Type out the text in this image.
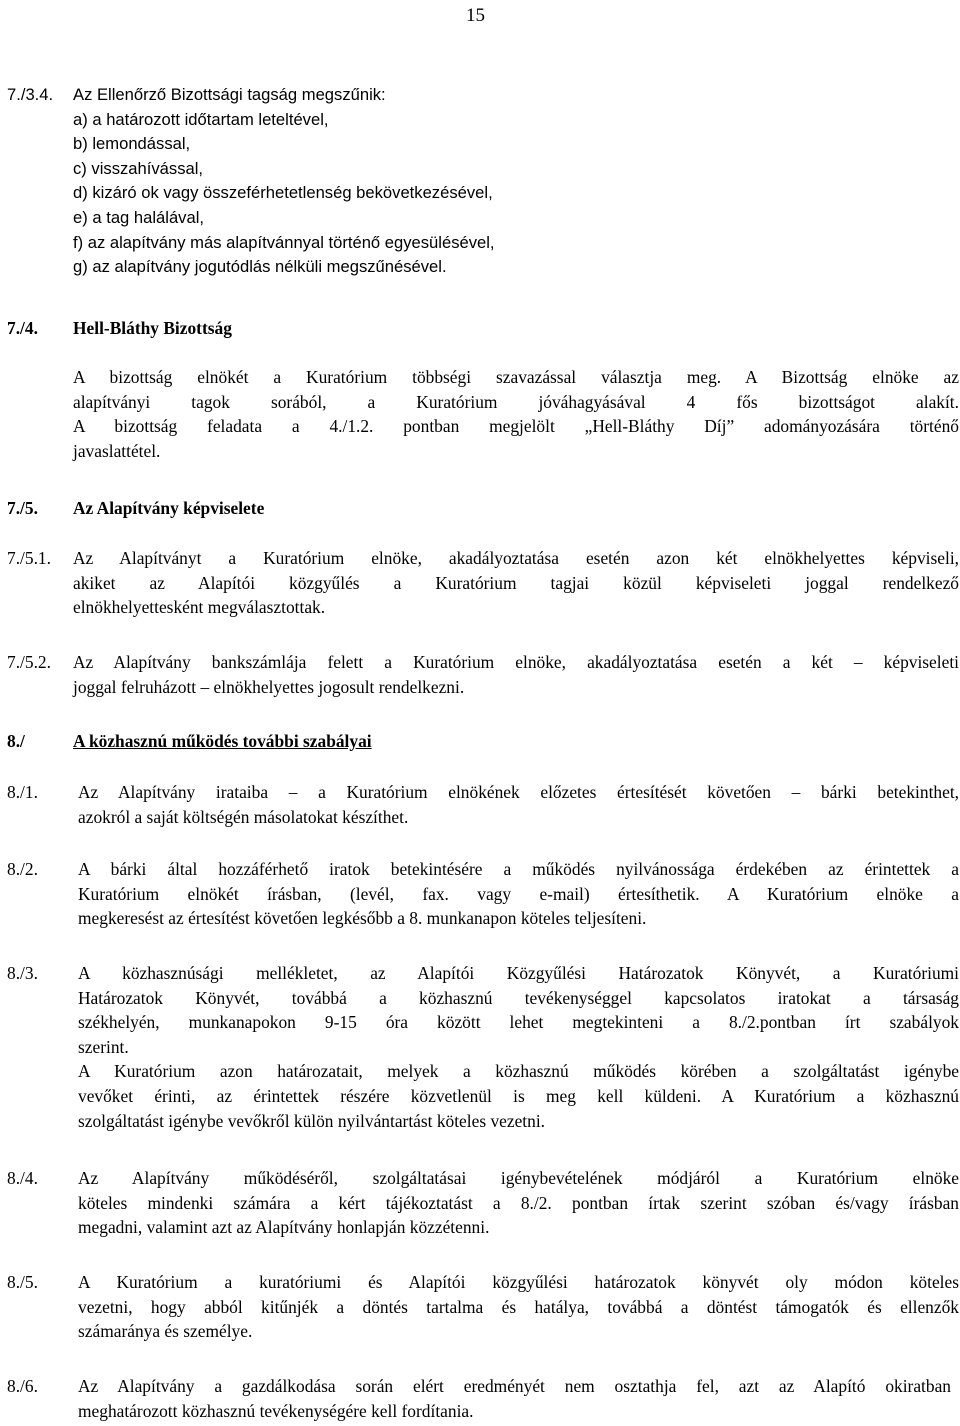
15
7./3.4. Az Ellenőrző Bizottsági tagság megszűnik:
a) a határozott időtartam leteltével,
b) lemondással,
c) visszahívással,
d) kizáró ok vagy összeférhetetlenség bekövetkezésével,
e) a tag halálával,
f) az alapítvány más alapítvánnyal történő egyesülésével,
g) az alapítvány jogutódlás nélküli megszűnésével.
7./4. Hell-Bláthy Bizottság
A bizottság elnökét a Kuratórium többségi szavazással választja meg. A Bizottság elnöke az
alapítványi tagok sorából, a Kuratórium jóváhagyásával 4 fős bizottságot alakít.
A bizottság feladata a 4./1.2. pontban megjelölt „Hell-Bláthy Díj” adományozására történő
javaslattétel.
7./5. Az Alapítvány képviselete
7./5.1. Az Alapítványt a Kuratórium elnöke, akadályoztatása esetén azon két elnökhelyettes képviseli,
akiket az Alapítói közgyűlés a Kuratórium tagjai közül képviseleti joggal rendelkező
elnökhelyettesként megválasztottak.
7./5.2. Az Alapítvány bankszámlája felett a Kuratórium elnöke, akadályoztatása esetén a két – képviseleti
joggal felruházott – elnökhelyettes jogosult rendelkezni.
8./	A közhasznú működés további szabályai
8./1. Az Alapítvány irataiba – a Kuratórium elnökének előzetes értesítését követően – bárki betekinthet,
azokról a saját költségén másolatokat készíthet.
8./2. A bárki által hozzáférhető iratok betekintésére a működés nyilvánossága érdekében az érintettek a
Kuratórium elnökét írásban, (levél, fax. vagy e-mail) értesíthetik. A Kuratórium elnöke a
megkeresést az értesítést követően legkésőbb a 8. munkanapon köteles teljesíteni.
8./3. A közhasznúsági mellékletet, az Alapítói Közgyűlési Határozatok Könyvét, a Kuratóriumi
Határozatok Könyvét, továbbá a közhasznú tevékenységgel kapcsolatos iratokat a társaság
székhelyén, munkanapokon 9-15 óra között lehet megtekinteni a 8./2.pontban írt szabályok
szerint.
A Kuratórium azon határozatait, melyek a közhasznú működés körében a szolgáltatást igénybe
vevőket érinti, az érintettek részére közvetlenül is meg kell küldeni. A Kuratórium a közhasznú
szolgáltatást igénybe vevőkről külön nyilvántartást köteles vezetni.
8./4. Az Alapítvány működéséről, szolgáltatásai igénybevételének módjáról a Kuratórium elnöke
köteles mindenki számára a kért tájékoztatást a 8./2. pontban írtak szerint szóban és/vagy írásban
megadni, valamint azt az Alapítvány honlapján közzétenni.
8./5. A Kuratórium a kuratóriumi és Alapítói közgyűlési határozatok könyvét oly módon köteles
vezetni, hogy abból kitűnjék a döntés tartalma és hatálya, továbbá a döntést támogatók és ellenzők
számaránya és személye.
8./6. Az Alapítvány a gazdálkodása során elért eredményét nem osztathja fel, azt az Alapító okiratban
meghatározott közhasznú tevékenységére kell fordítania.
